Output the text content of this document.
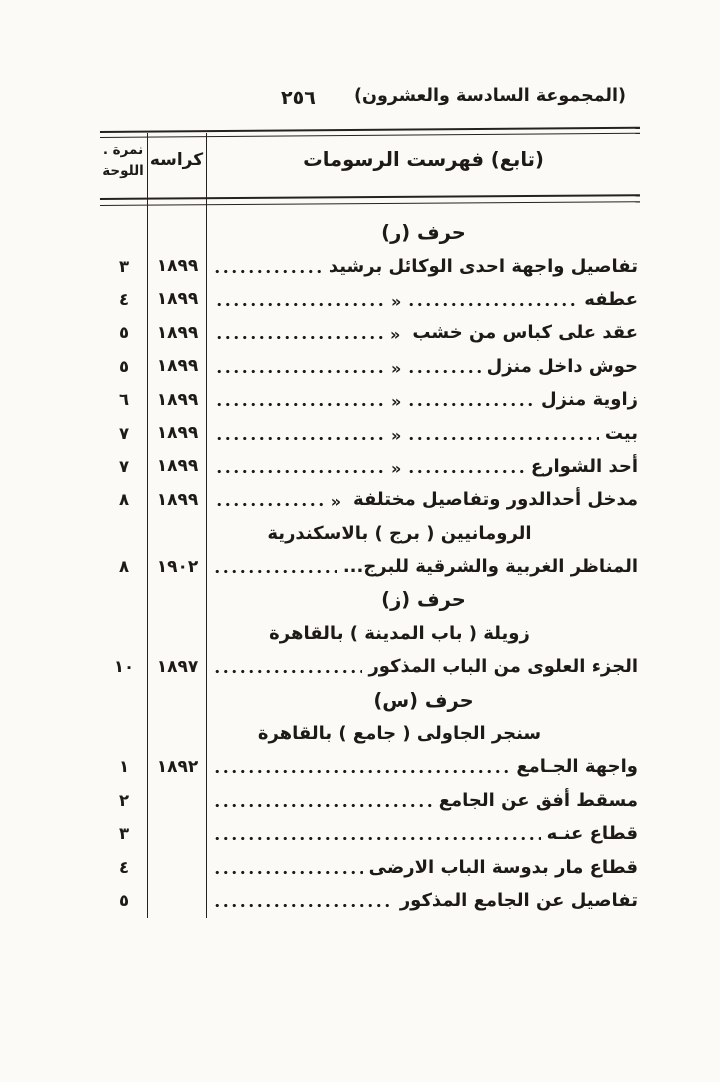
٢٥٦ (المجموعة السادسة والعشرون)
نمرة .
اللوحة
كراسه	(تابع) فهرست الرسومات
حرف (ر)
تفاصيل واجهة احدى الوكائل برشيد
١٨٩٩
٣
عطفه
«
١٨٩٩
٤
عقد على كباس من خشب
«
١٨٩٩
٥
حوش داخل منزل
«
١٨٩٩
٥
زاوية منزل
«
١٨٩٩
٦
بيت
«
١٨٩٩
٧
أحد الشوارع
«
١٨٩٩
٧
مدخل أحدالدور وتفاصيل مختلفة
«
١٨٩٩
٨
الرومانيين ( برج ) بالاسكندرية
المناظر الغربية والشرقية للبرج...
١٩٠٢
٨
حرف (ز)
زويلة ( باب المدينة ) بالقاهرة
الجزء العلوى من الباب المذكور
١٨٩٧
١٠
حرف (س)
سنجر الجاولى ( جامع ) بالقاهرة
واجهة الجـامع
١٨٩٢
١
مسقط أفق عن الجامع
٢
قطاع عنـه
٣
قطاع مار بدوسة الباب الارضى
٤
تفاصيل عن الجامع المذكور
٥
